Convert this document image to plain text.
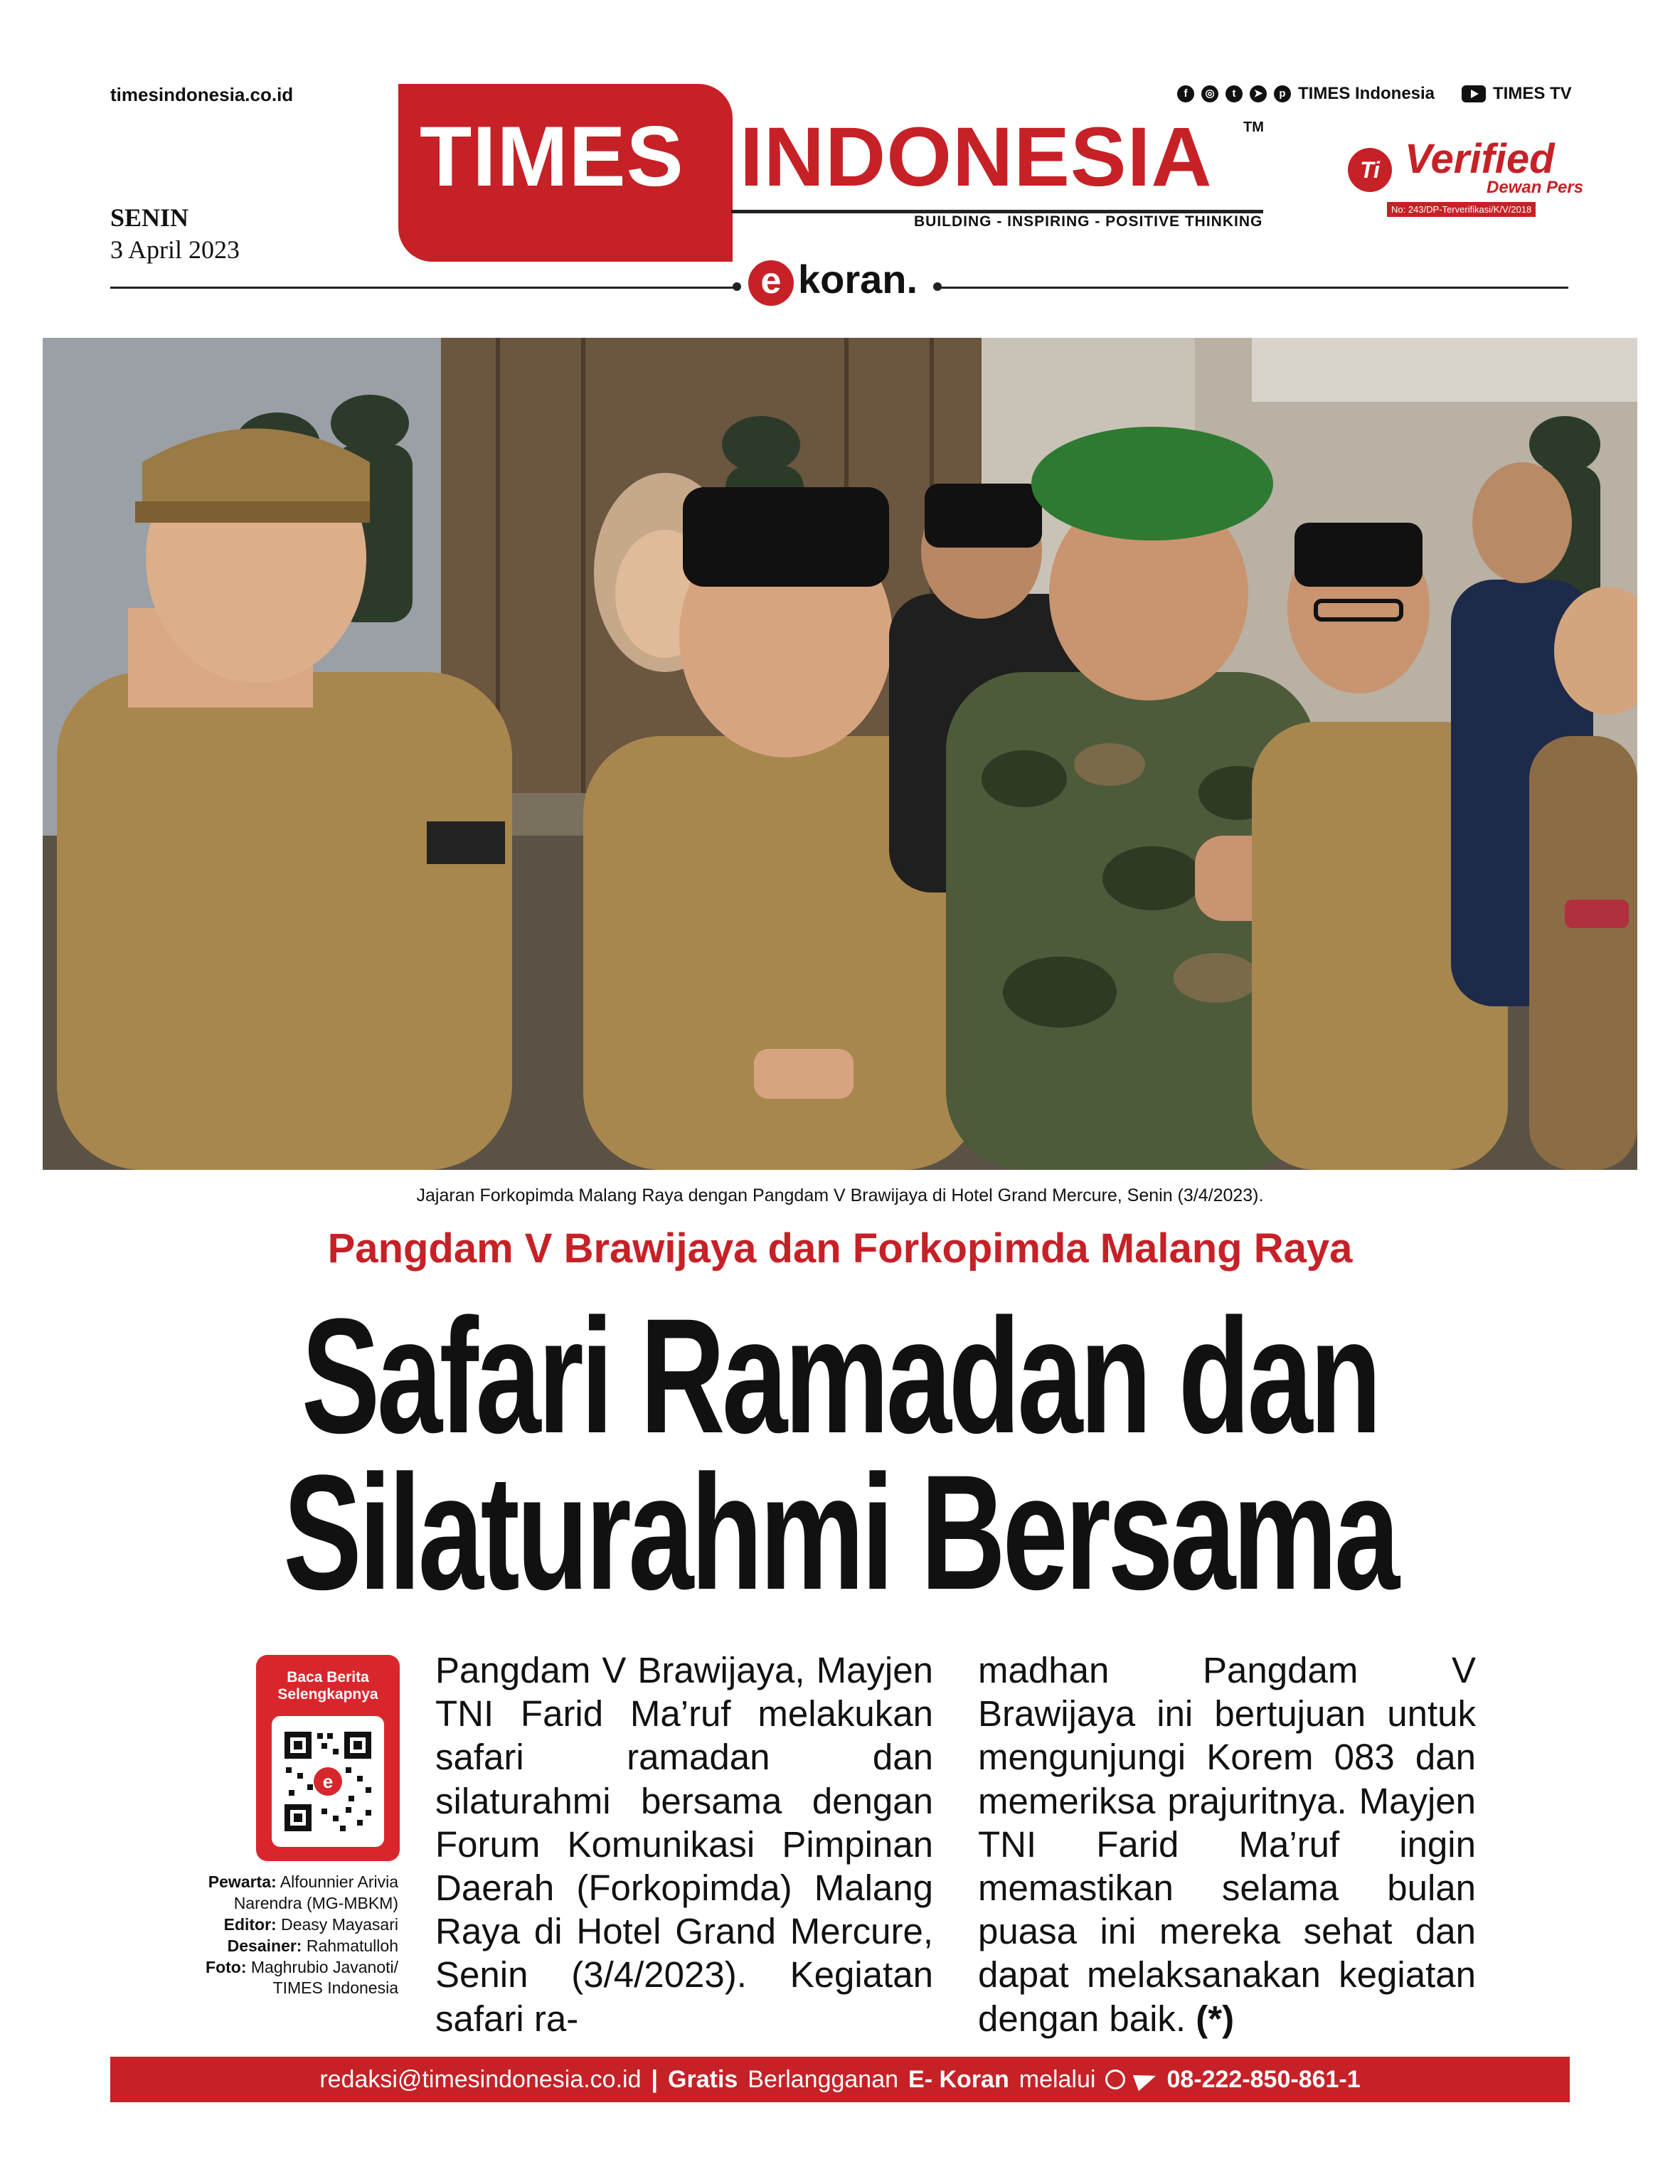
timesindonesia.co.id
SENIN
3 April 2023
TIMES INDONESIA TM
BUILDING - INSPIRING - POSITIVE THINKING
f	◎	t	➤	p TIMES Indonesia	TIMES TV
Ti Verified
Dewan Pers
No: 243/DP-Terverifikasi/K/V/2018
e koran.
Jajaran Forkopimda Malang Raya dengan Pangdam V Brawijaya di Hotel Grand Mercure, Senin (3/4/2023).
Pangdam V Brawijaya dan Forkopimda Malang Raya
Safari Ramadan dan
Silaturahmi Bersama
Baca Berita
Selengkapnya
e
Pewarta: Alfounnier Arivia
Narendra (MG-MBKM)
Editor: Deasy Mayasari
Desainer: Rahmatulloh
Foto: Maghrubio Javanoti/
TIMES Indonesia
Pangdam V Brawijaya, Mayjen TNI Farid Ma’ruf melakukan safari ramadan dan silaturahmi bersama dengan Forum Komunikasi Pimpinan Daerah (Forkopimda) Malang Raya di Hotel Grand Mercure, Senin (3/4/2023). Kegiatan safari ra-
madhan Pangdam V Brawijaya ini bertujuan untuk mengunjungi Korem 083 dan memeriksa prajuritnya. Mayjen TNI Farid Ma’ruf ingin memastikan selama bulan puasa ini mereka sehat dan dapat melaksanakan kegiatan dengan baik. (*)
redaksi@timesindonesia.co.id | Gratis Berlangganan E- Koran melalui	08-222-850-861-1
